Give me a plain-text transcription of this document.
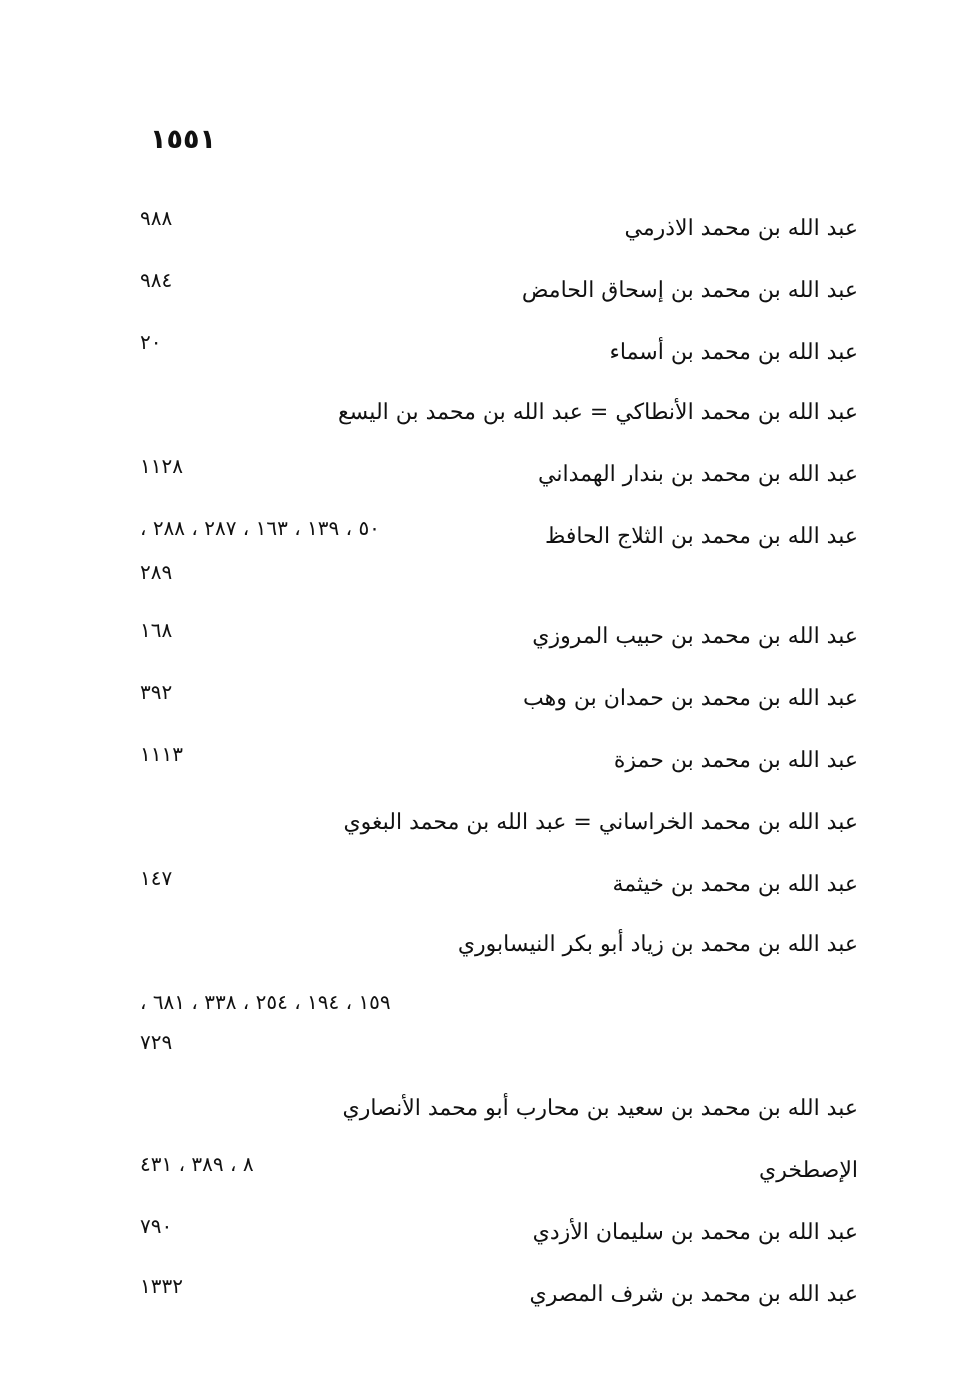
١٥٥١
عبد الله بن محمد الاذرمي
٩٨٨
عبد الله بن محمد بن إسحاق الحامض
٩٨٤
عبد الله بن محمد بن أسماء
٢٠
عبد الله بن محمد الأنطاكي = عبد الله بن محمد بن اليسع
عبد الله بن محمد بن بندار الهمداني
١١٢٨
عبد الله بن محمد بن الثلاج الحافظ
٥٠ ، ١٣٩ ، ١٦٣ ، ٢٨٧ ، ٢٨٨ ،
٢٨٩
عبد الله بن محمد بن حبيب المروزي
١٦٨
عبد الله بن محمد بن حمدان بن وهب
٣٩٢
عبد الله بن محمد بن حمزة
١١١٣
عبد الله بن محمد الخراساني = عبد الله بن محمد البغوي
عبد الله بن محمد بن خيثمة
١٤٧
عبد الله بن محمد بن زياد أبو بكر النيسابوري
١٥٩ ، ١٩٤ ، ٢٥٤ ، ٣٣٨ ، ٦٨١ ،
٧٢٩
عبد الله بن محمد بن سعيد بن محارب أبو محمد الأنصاري
الإصطخري
٨ ، ٣٨٩ ، ٤٣١
عبد الله بن محمد بن سليمان الأزدي
٧٩٠
عبد الله بن محمد بن شرف المصري
١٣٣٢
